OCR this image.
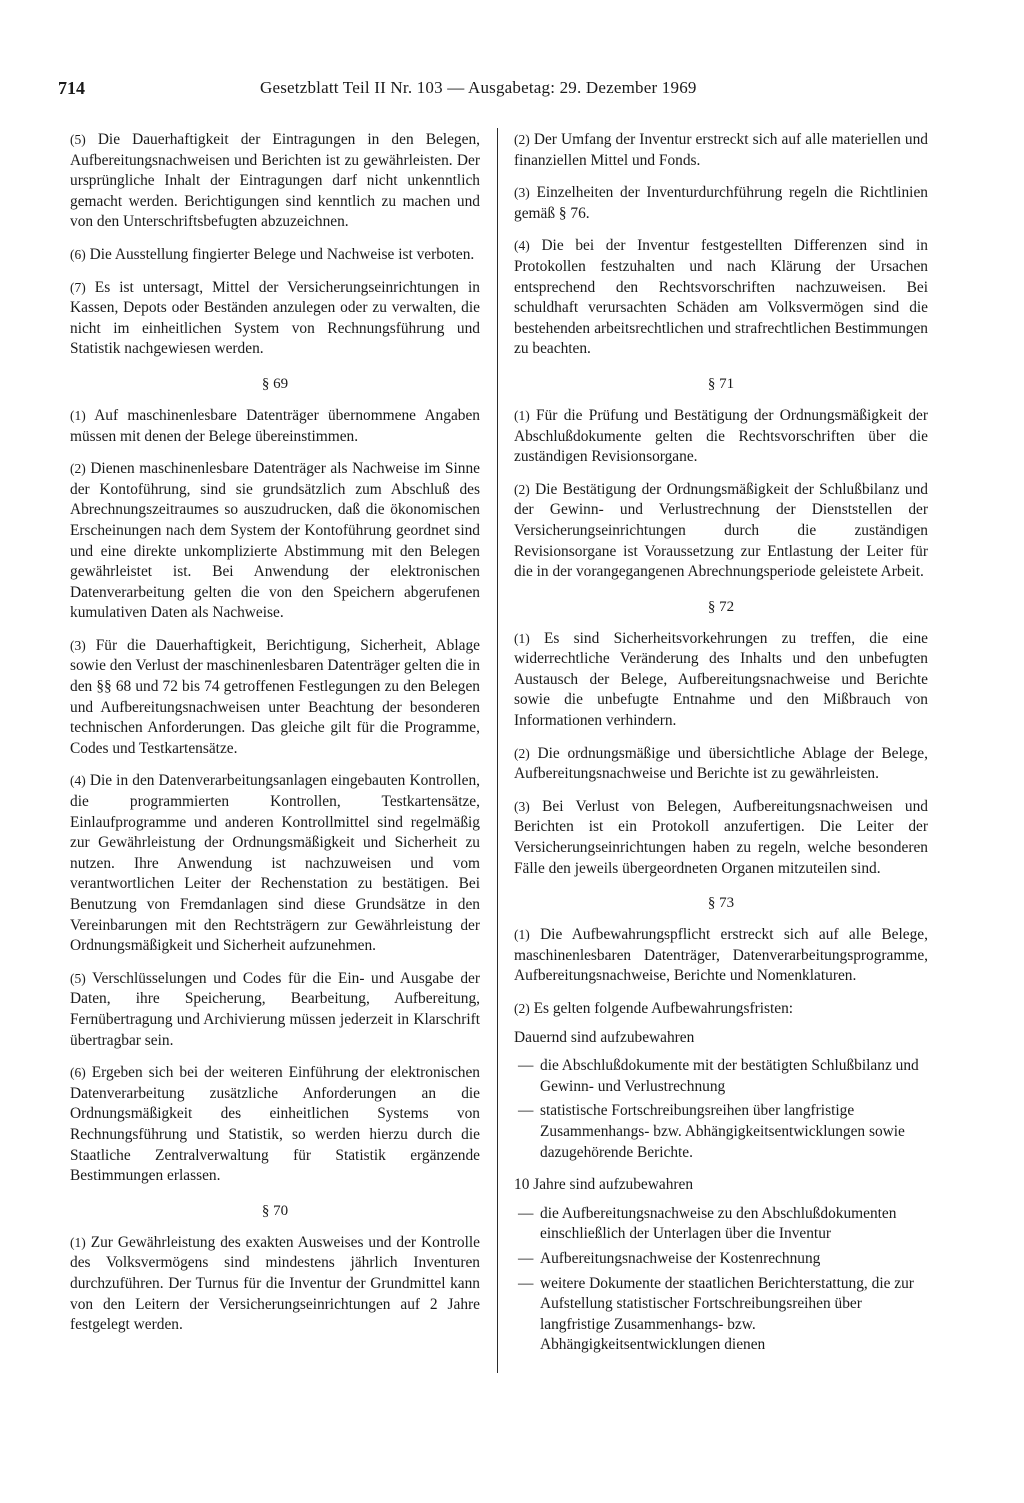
714	Gesetzblatt Teil II Nr. 103 — Ausgabetag: 29. Dezember 1969

(5) Die Dauerhaftigkeit der Eintragungen in den Belegen, Aufbereitungsnachweisen und Berichten ist zu gewährleisten. Der ursprüngliche Inhalt der Eintragungen darf nicht unkenntlich gemacht werden. Berichtigungen sind kenntlich zu machen und von den Unterschriftsbefugten abzuzeichnen.

(6) Die Ausstellung fingierter Belege und Nachweise ist verboten.

(7) Es ist untersagt, Mittel der Versicherungseinrichtungen in Kassen, Depots oder Beständen anzulegen oder zu verwalten, die nicht im einheitlichen System von Rechnungsführung und Statistik nachgewiesen werden.

§ 69

(1) Auf maschinenlesbare Datenträger übernommene Angaben müssen mit denen der Belege übereinstimmen.

(2) Dienen maschinenlesbare Datenträger als Nachweise im Sinne der Kontoführung, sind sie grundsätzlich zum Abschluß des Abrechnungszeitraumes so auszudrucken, daß die ökonomischen Erscheinungen nach dem System der Kontoführung geordnet sind und eine direkte unkomplizierte Abstimmung mit den Belegen gewährleistet ist. Bei Anwendung der elektronischen Datenverarbeitung gelten die von den Speichern abgerufenen kumulativen Daten als Nachweise.

(3) Für die Dauerhaftigkeit, Berichtigung, Sicherheit, Ablage sowie den Verlust der maschinenlesbaren Datenträger gelten die in den §§ 68 und 72 bis 74 getroffenen Festlegungen zu den Belegen und Aufbereitungsnachweisen unter Beachtung der besonderen technischen Anforderungen. Das gleiche gilt für die Programme, Codes und Testkartensätze.

(4) Die in den Datenverarbeitungsanlagen eingebauten Kontrollen, die programmierten Kontrollen, Testkartensätze, Einlaufprogramme und anderen Kontrollmittel sind regelmäßig zur Gewährleistung der Ordnungsmäßigkeit und Sicherheit zu nutzen. Ihre Anwendung ist nachzuweisen und vom verantwortlichen Leiter der Rechenstation zu bestätigen. Bei Benutzung von Fremdanlagen sind diese Grundsätze in den Vereinbarungen mit den Rechtsträgern zur Gewährleistung der Ordnungsmäßigkeit und Sicherheit aufzunehmen.

(5) Verschlüsselungen und Codes für die Ein- und Ausgabe der Daten, ihre Speicherung, Bearbeitung, Aufbereitung, Fernübertragung und Archivierung müssen jederzeit in Klarschrift übertragbar sein.

(6) Ergeben sich bei der weiteren Einführung der elektronischen Datenverarbeitung zusätzliche Anforderungen an die Ordnungsmäßigkeit des einheitlichen Systems von Rechnungsführung und Statistik, so werden hierzu durch die Staatliche Zentralverwaltung für Statistik ergänzende Bestimmungen erlassen.

§ 70

(1) Zur Gewährleistung des exakten Ausweises und der Kontrolle des Volksvermögens sind mindestens jährlich Inventuren durchzuführen. Der Turnus für die Inventur der Grundmittel kann von den Leitern der Versicherungseinrichtungen auf 2 Jahre festgelegt werden.

(2) Der Umfang der Inventur erstreckt sich auf alle materiellen und finanziellen Mittel und Fonds.

(3) Einzelheiten der Inventurdurchführung regeln die Richtlinien gemäß § 76.

(4) Die bei der Inventur festgestellten Differenzen sind in Protokollen festzuhalten und nach Klärung der Ursachen entsprechend den Rechtsvorschriften nachzuweisen. Bei schuldhaft verursachten Schäden am Volksvermögen sind die bestehenden arbeitsrechtlichen und strafrechtlichen Bestimmungen zu beachten.

§ 71

(1) Für die Prüfung und Bestätigung der Ordnungsmäßigkeit der Abschlußdokumente gelten die Rechtsvorschriften über die zuständigen Revisionsorgane.

(2) Die Bestätigung der Ordnungsmäßigkeit der Schlußbilanz und der Gewinn- und Verlustrechnung der Dienststellen der Versicherungseinrichtungen durch die zuständigen Revisionsorgane ist Voraussetzung zur Entlastung der Leiter für die in der vorangegangenen Abrechnungsperiode geleistete Arbeit.

§ 72

(1) Es sind Sicherheitsvorkehrungen zu treffen, die eine widerrechtliche Veränderung des Inhalts und den unbefugten Austausch der Belege, Aufbereitungsnachweise und Berichte sowie die unbefugte Entnahme und den Mißbrauch von Informationen verhindern.

(2) Die ordnungsmäßige und übersichtliche Ablage der Belege, Aufbereitungsnachweise und Berichte ist zu gewährleisten.

(3) Bei Verlust von Belegen, Aufbereitungsnachweisen und Berichten ist ein Protokoll anzufertigen. Die Leiter der Versicherungseinrichtungen haben zu regeln, welche besonderen Fälle den jeweils übergeordneten Organen mitzuteilen sind.

§ 73

(1) Die Aufbewahrungspflicht erstreckt sich auf alle Belege, maschinenlesbaren Datenträger, Datenverarbeitungsprogramme, Aufbereitungsnachweise, Berichte und Nomenklaturen.

(2) Es gelten folgende Aufbewahrungsfristen:

Dauernd sind aufzubewahren

— die Abschlußdokumente mit der bestätigten Schlußbilanz und Gewinn- und Verlustrechnung
— statistische Fortschreibungsreihen über langfristige Zusammenhangs- bzw. Abhängigkeitsentwicklungen sowie dazugehörende Berichte.

10 Jahre sind aufzubewahren

— die Aufbereitungsnachweise zu den Abschlußdokumenten einschließlich der Unterlagen über die Inventur
— Aufbereitungsnachweise der Kostenrechnung
— weitere Dokumente der staatlichen Berichterstattung, die zur Aufstellung statistischer Fortschreibungsreihen über langfristige Zusammenhangs- bzw. Abhängigkeitsentwicklungen dienen
